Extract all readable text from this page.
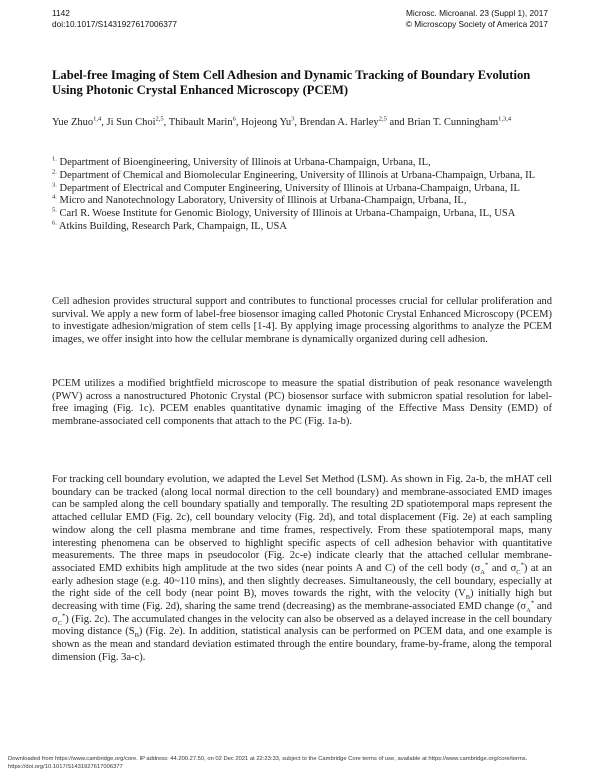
1142
doi:10.1017/S1431927617006377
Microsc. Microanal. 23 (Suppl 1), 2017
© Microscopy Society of America 2017
Label-free Imaging of Stem Cell Adhesion and Dynamic Tracking of Boundary Evolution Using Photonic Crystal Enhanced Microscopy (PCEM)
Yue Zhuo$^{1,4}$, Ji Sun Choi$^{2,5}$, Thibault Marin$^6$, Hojeong Yu$^3$, Brendan A. Harley$^{2,5}$ and Brian T. Cunningham$^{1,3,4}$
$^{1.}$ Department of Bioengineering, University of Illinois at Urbana-Champaign, Urbana, IL,
$^{2.}$ Department of Chemical and Biomolecular Engineering, University of Illinois at Urbana-Champaign, Urbana, IL
$^{3.}$ Department of Electrical and Computer Engineering, University of Illinois at Urbana-Champaign, Urbana, IL
$^{4.}$ Micro and Nanotechnology Laboratory, University of Illinois at Urbana-Champaign, Urbana, IL,
$^{5.}$ Carl R. Woese Institute for Genomic Biology, University of Illinois at Urbana-Champaign, Urbana, IL, USA
$^{6.}$ Atkins Building, Research Park, Champaign, IL, USA
Cell adhesion provides structural support and contributes to functional processes crucial for cellular proliferation and survival. We apply a new form of label-free biosensor imaging called Photonic Crystal Enhanced Microscopy (PCEM) to investigate adhesion/migration of stem cells [1-4]. By applying image processing algorithms to analyze the PCEM images, we offer insight into how the cellular membrane is dynamically organized during cell adhesion.
PCEM utilizes a modified brightfield microscope to measure the spatial distribution of peak resonance wavelength (PWV) across a nanostructured Photonic Crystal (PC) biosensor surface with submicron spatial resolution for label-free imaging (Fig. 1c). PCEM enables quantitative dynamic imaging of the Effective Mass Density (EMD) of membrane-associated cell components that attach to the PC (Fig. 1a-b).
For tracking cell boundary evolution, we adapted the Level Set Method (LSM). As shown in Fig. 2a-b, the mHAT cell boundary can be tracked (along local normal direction to the cell boundary) and membrane-associated EMD images can be sampled along the cell boundary spatially and temporally. The resulting 2D spatiotemporal maps represent the attached cellular EMD (Fig. 2c), cell boundary velocity (Fig. 2d), and total displacement (Fig. 2e) at each sampling window along the cell plasma membrane and time frames, respectively. From these spatiotemporal maps, many interesting phenomena can be observed to highlight specific aspects of cell adhesion behavior with quantitative measurements. The three maps in pseudocolor (Fig. 2c-e) indicate clearly that the attached cellular membrane-associated EMD exhibits high amplitude at the two sides (near points A and C) of the cell body ($\sigma_A^*$ and $\sigma_C^*$) at an early adhesion stage (e.g. 40~110 mins), and then slightly decreases. Simultaneously, the cell boundary, especially at the right side of the cell body (near point B), moves towards the right, with the velocity $(V_B)$ initially high but decreasing with time (Fig. 2d), sharing the same trend (decreasing) as the membrane-associated EMD change ($\sigma_A^*$ and $\sigma_C^*$) (Fig. 2c). The accumulated changes in the velocity can also be observed as a delayed increase in the cell boundary moving distance $(S_B)$ (Fig. 2e). In addition, statistical analysis can be performed on PCEM data, and one example is shown as the mean and standard deviation estimated through the entire boundary, frame-by-frame, along the temporal dimension (Fig. 3a-c).
Downloaded from https://www.cambridge.org/core. IP address: 44.200.27.50, on 02 Dec 2021 at 22:23:33, subject to the Cambridge Core terms of use, available at https://www.cambridge.org/core/terms. https://doi.org/10.1017/S1431927617006377
